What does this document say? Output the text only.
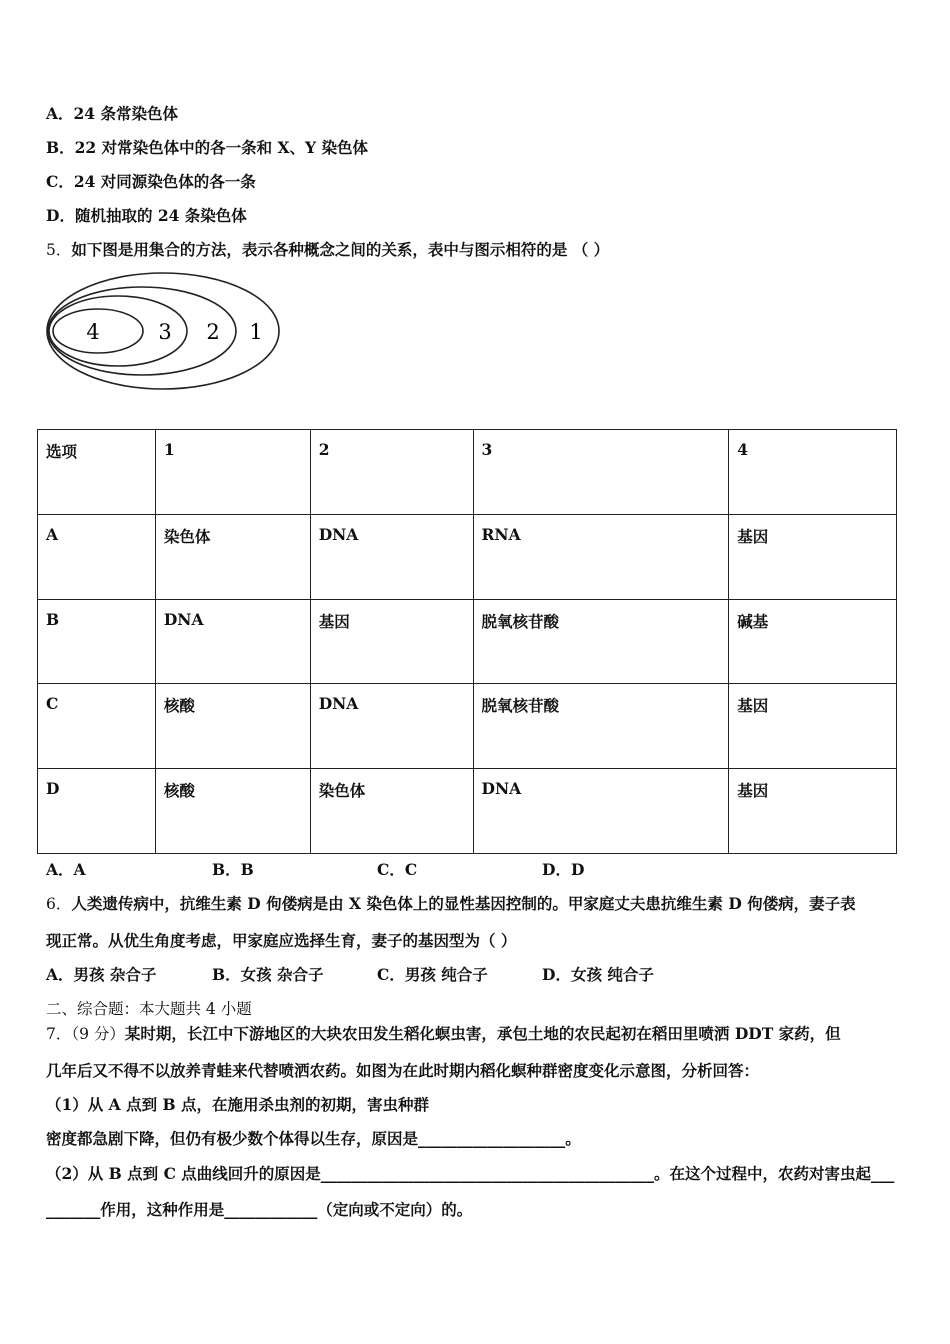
A．24 条常染色体
B．22 对常染色体中的各一条和 X、Y 染色体
C．24 对同源染色体的各一条
D．随机抽取的 24 条染色体
5．如下图是用集合的方法，表示各种概念之间的关系，表中与图示相符的是 （ ）
4	3 2 1
选项	1	2	3	4
A	染色体	DNA	RNA	基因
B	DNA	基因	脱氧核苷酸	碱基
C	核酸	DNA	脱氧核苷酸	基因
D	核酸	染色体	DNA	基因
A．A	B．B	C．C	D．D
6．人类遗传病中，抗维生素 D 佝偻病是由 X 染色体上的显性基因控制的。甲家庭丈夫患抗维生素 D 佝偻病，妻子表
现正常。从优生角度考虑，甲家庭应选择生育，妻子的基因型为（ ）
A．男孩 杂合子	B．女孩 杂合子	C．男孩 纯合子	D．女孩 纯合子
二、综合题：本大题共 4 小题
7．（9 分）某时期，长江中下游地区的大块农田发生稻化螟虫害，承包土地的农民起初在稻田里喷洒 DDT 家药，但
几年后又不得不以放养青蛙来代替喷洒农药。如图为在此时期内稻化螟种群密度变化示意图，分析回答：
（1）从 A 点到 B 点，在施用杀虫剂的初期，害虫种群
密度都急剧下降，但仍有极少数个体得以生存，原因是___________________。
（2）从 B 点到 C 点曲线回升的原因是___________________________________________。在这个过程中，农药对害虫起___
_______作用，这种作用是____________（定向或不定向）的。
